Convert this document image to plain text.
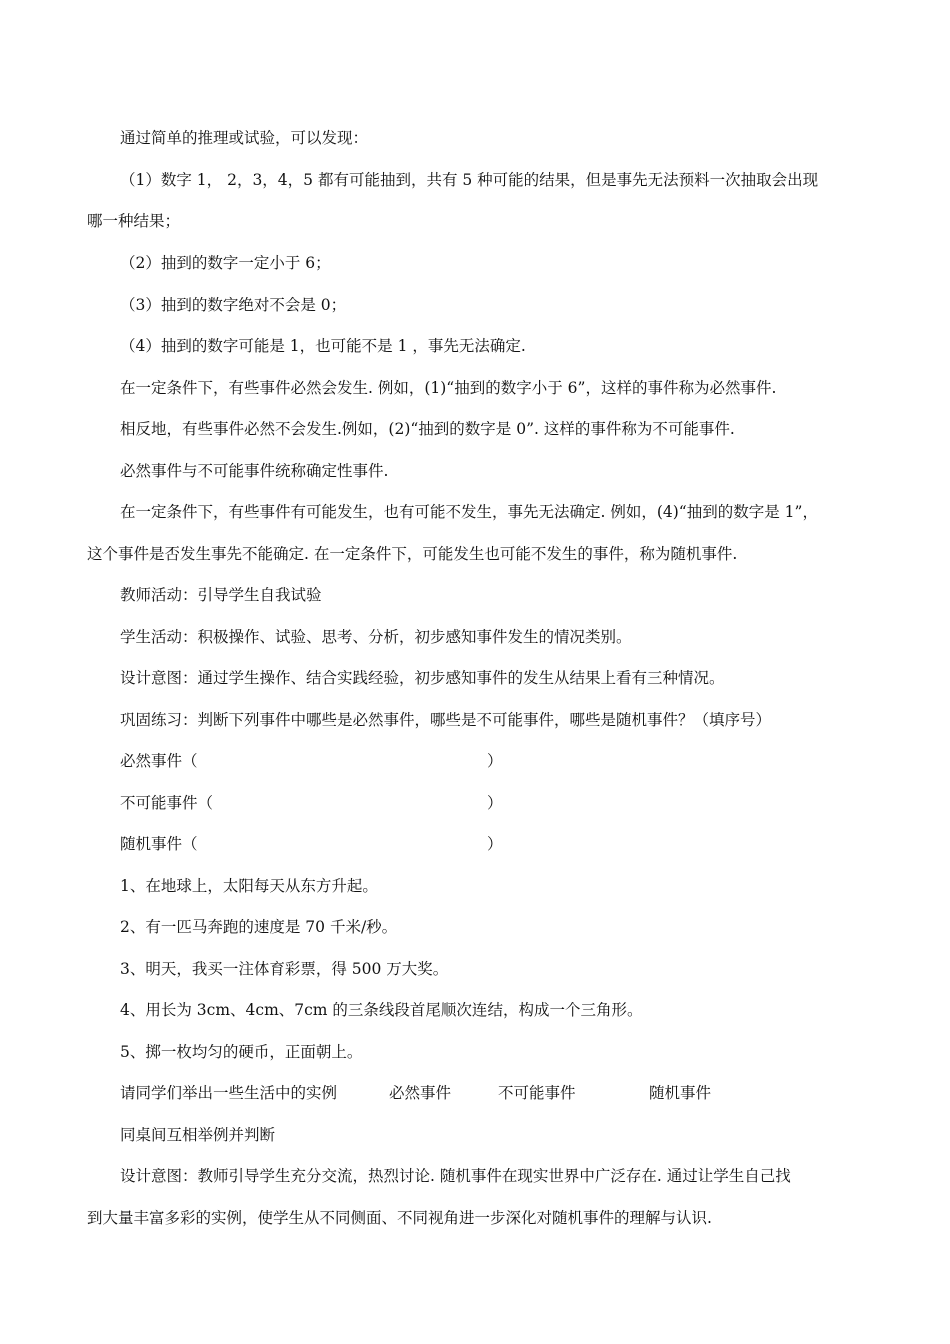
通过简单的推理或试验，可以发现：
（1）数字 1， 2，3，4，5 都有可能抽到，共有 5 种可能的结果，但是事先无法预料一次抽取会出现
哪一种结果；
（2）抽到的数字一定小于 6；
（3）抽到的数字绝对不会是 0；
（4）抽到的数字可能是 1，也可能不是 1 ，事先无法确定.
在一定条件下，有些事件必然会发生. 例如，(1)“抽到的数字小于 6”，这样的事件称为必然事件.
相反地，有些事件必然不会发生.例如，(2)“抽到的数字是 0”. 这样的事件称为不可能事件.
必然事件与不可能事件统称确定性事件.
在一定条件下，有些事件有可能发生，也有可能不发生，事先无法确定. 例如，(4)“抽到的数字是 1”，
这个事件是否发生事先不能确定. 在一定条件下，可能发生也可能不发生的事件，称为随机事件.
教师活动：引导学生自我试验
学生活动：积极操作、试验、思考、分析，初步感知事件发生的情况类别。
设计意图：通过学生操作、结合实践经验，初步感知事件的发生从结果上看有三种情况。
巩固练习：判断下列事件中哪些是必然事件，哪些是不可能事件，哪些是随机事件？（填序号）
必然事件（	）
不可能事件（	）
随机事件（	）
1、在地球上，太阳每天从东方升起。
2、有一匹马奔跑的速度是 70 千米/秒。
3、明天，我买一注体育彩票，得 500 万大奖。
4、用长为 3cm、4cm、7cm 的三条线段首尾顺次连结，构成一个三角形。
5、掷一枚均匀的硬币，正面朝上。
请同学们举出一些生活中的实例	必然事件	不可能事件	随机事件
同桌间互相举例并判断
设计意图：教师引导学生充分交流，热烈讨论. 随机事件在现实世界中广泛存在. 通过让学生自己找
到大量丰富多彩的实例，使学生从不同侧面、不同视角进一步深化对随机事件的理解与认识.
